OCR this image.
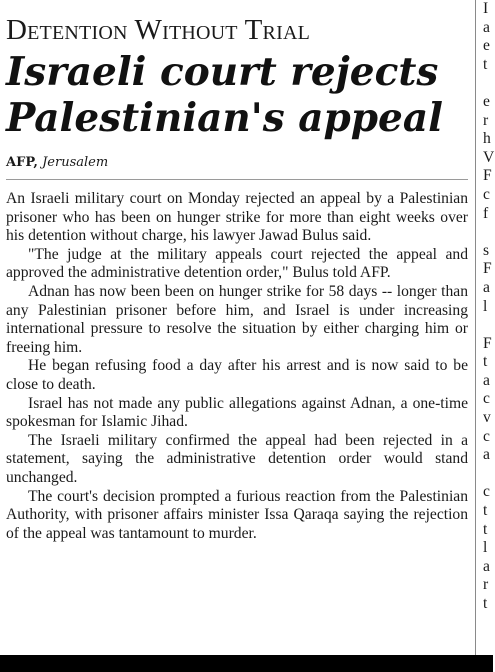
Detention Without Trial
Israeli court rejects
Palestinian's appeal
AFP, Jerusalem

An Israeli military court on Monday rejected an appeal by a Palestinian prisoner who has been on hunger strike for more than eight weeks over his detention without charge, his lawyer Jawad Bulus said.

"The judge at the military appeals court rejected the appeal and approved the administrative detention order," Bulus told AFP.

Adnan has now been been on hunger strike for 58 days -- longer than any Palestinian prisoner before him, and Israel is under increasing international pressure to resolve the situation by either charging him or freeing him.

He began refusing food a day after his arrest and is now said to be close to death.

Israel has not made any public allegations against Adnan, a one-time spokesman for Islamic Jihad.

The Israeli military confirmed the appeal had been rejected in a statement, saying the administrative detention order would stand unchanged.

The court's decision prompted a furious reaction from the Palestinian Authority, with prisoner affairs minister Issa Qaraqa saying the rejection of the appeal was tantamount to murder.

I
a
e
t
e
r
h
V
F
c
f
s
F
a
l
F
t
a
c
v
c
a
c
t
t
l
a
r
t
